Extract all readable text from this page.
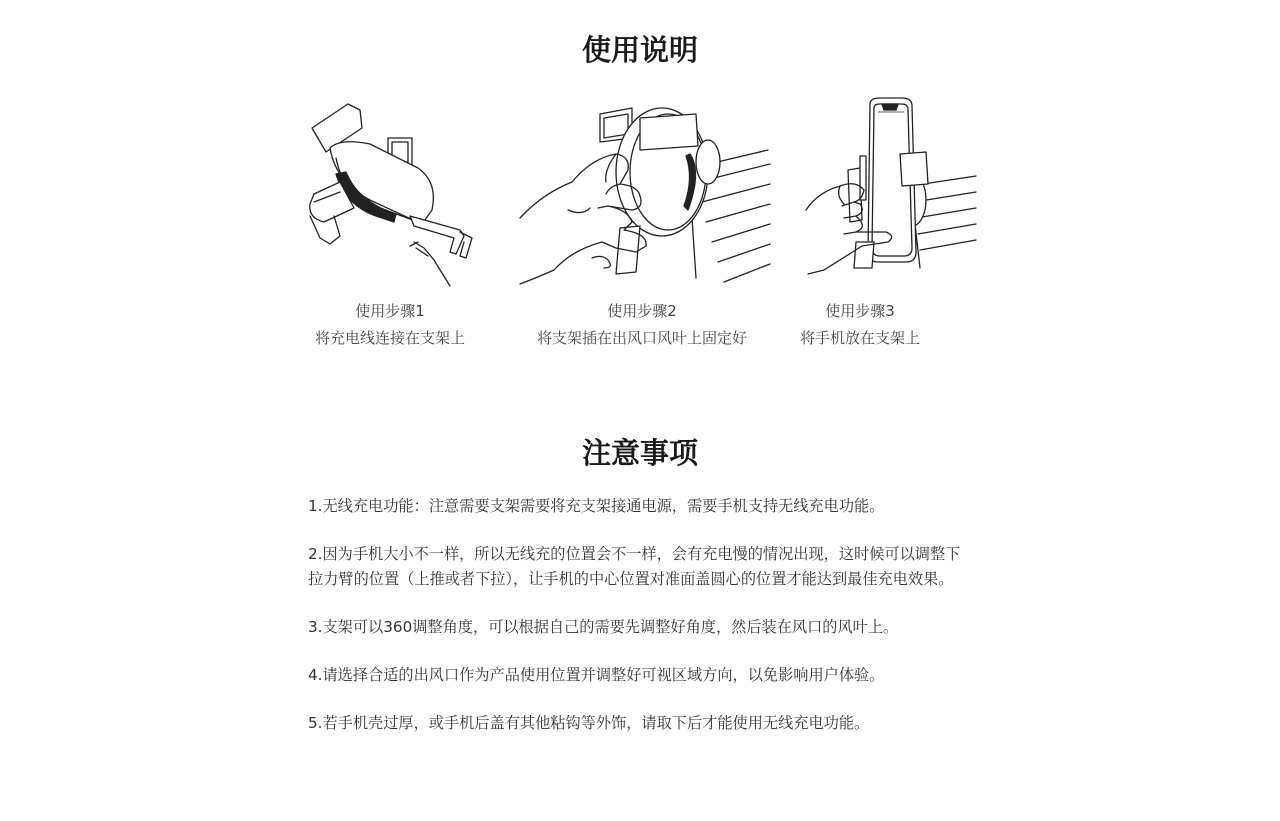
使用说明
使用步骤1
将充电线连接在支架上
使用步骤2
将支架插在出风口风叶上固定好
使用步骤3
将手机放在支架上
注意事项

1.无线充电功能：注意需要支架需要将充支架接通电源，需要手机支持无线充电功能。

2.因为手机大小不一样，所以无线充的位置会不一样，会有充电慢的情况出现，这时候可以调整下拉力臂的位置（上推或者下拉），让手机的中心位置对准面盖圆心的位置才能达到最佳充电效果。

3.支架可以360调整角度，可以根据自己的需要先调整好角度，然后装在风口的风叶上。

4.请选择合适的出风口作为产品使用位置并调整好可视区域方向，以免影响用户体验。

5.若手机壳过厚，或手机后盖有其他粘钩等外饰，请取下后才能使用无线充电功能。
